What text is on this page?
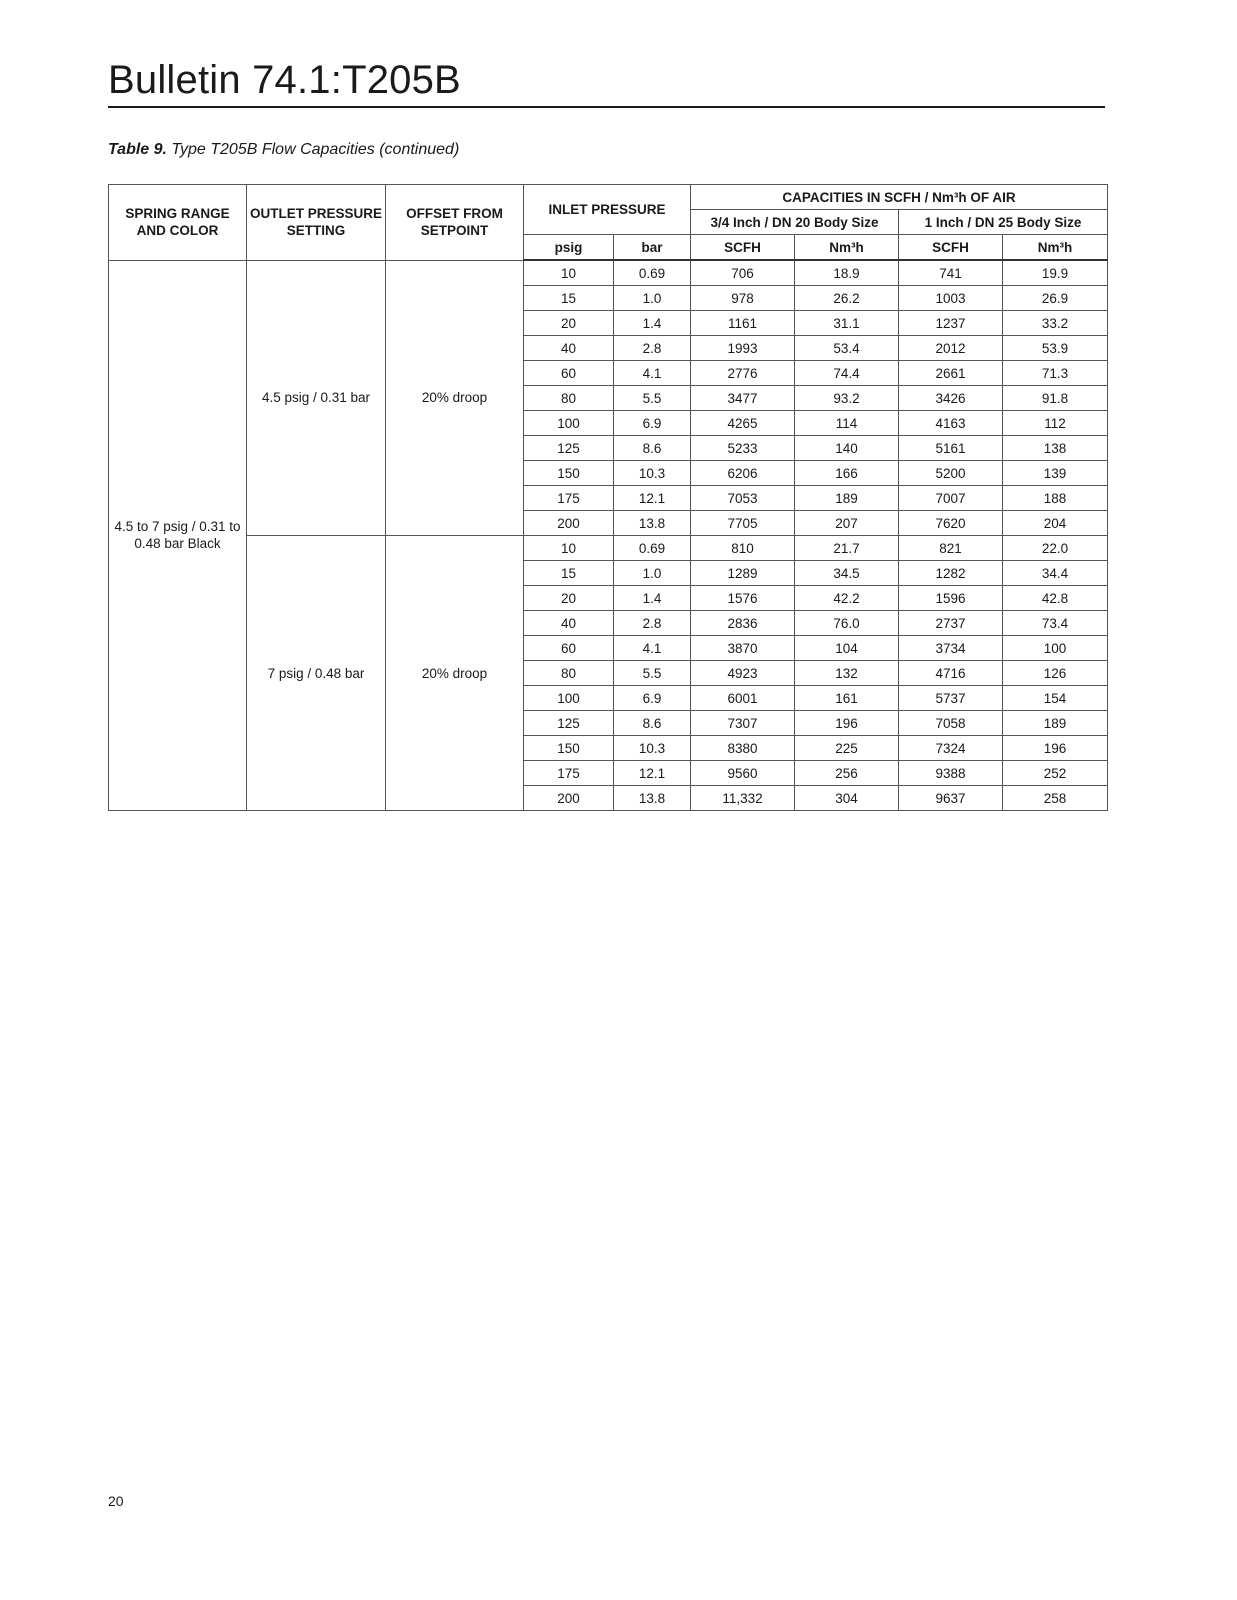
Bulletin 74.1:T205B
Table 9. Type T205B Flow Capacities (continued)
SPRING RANGE AND COLOR	OUTLET PRESSURE SETTING	OFFSET FROM SETPOINT	INLET PRESSURE		CAPACITIES IN SCFH / Nm³h OF AIR			
					3/4 Inch / DN 20 Body Size		1 Inch / DN 25 Body Size	
			psig	bar	SCFH	Nm³h	SCFH	Nm³h
4.5 to 7 psig / 0.31 to 0.48 bar Black	4.5 psig / 0.31 bar	20% droop	10	0.69	706	18.9	741	19.9
			15	1.0	978	26.2	1003	26.9
			20	1.4	1161	31.1	1237	33.2
			40	2.8	1993	53.4	2012	53.9
			60	4.1	2776	74.4	2661	71.3
			80	5.5	3477	93.2	3426	91.8
			100	6.9	4265	114	4163	112
			125	8.6	5233	140	5161	138
			150	10.3	6206	166	5200	139
			175	12.1	7053	189	7007	188
			200	13.8	7705	207	7620	204
	7 psig / 0.48 bar	20% droop	10	0.69	810	21.7	821	22.0
			15	1.0	1289	34.5	1282	34.4
			20	1.4	1576	42.2	1596	42.8
			40	2.8	2836	76.0	2737	73.4
			60	4.1	3870	104	3734	100
			80	5.5	4923	132	4716	126
			100	6.9	6001	161	5737	154
			125	8.6	7307	196	7058	189
			150	10.3	8380	225	7324	196
			175	12.1	9560	256	9388	252
			200	13.8	11,332	304	9637	258
20
